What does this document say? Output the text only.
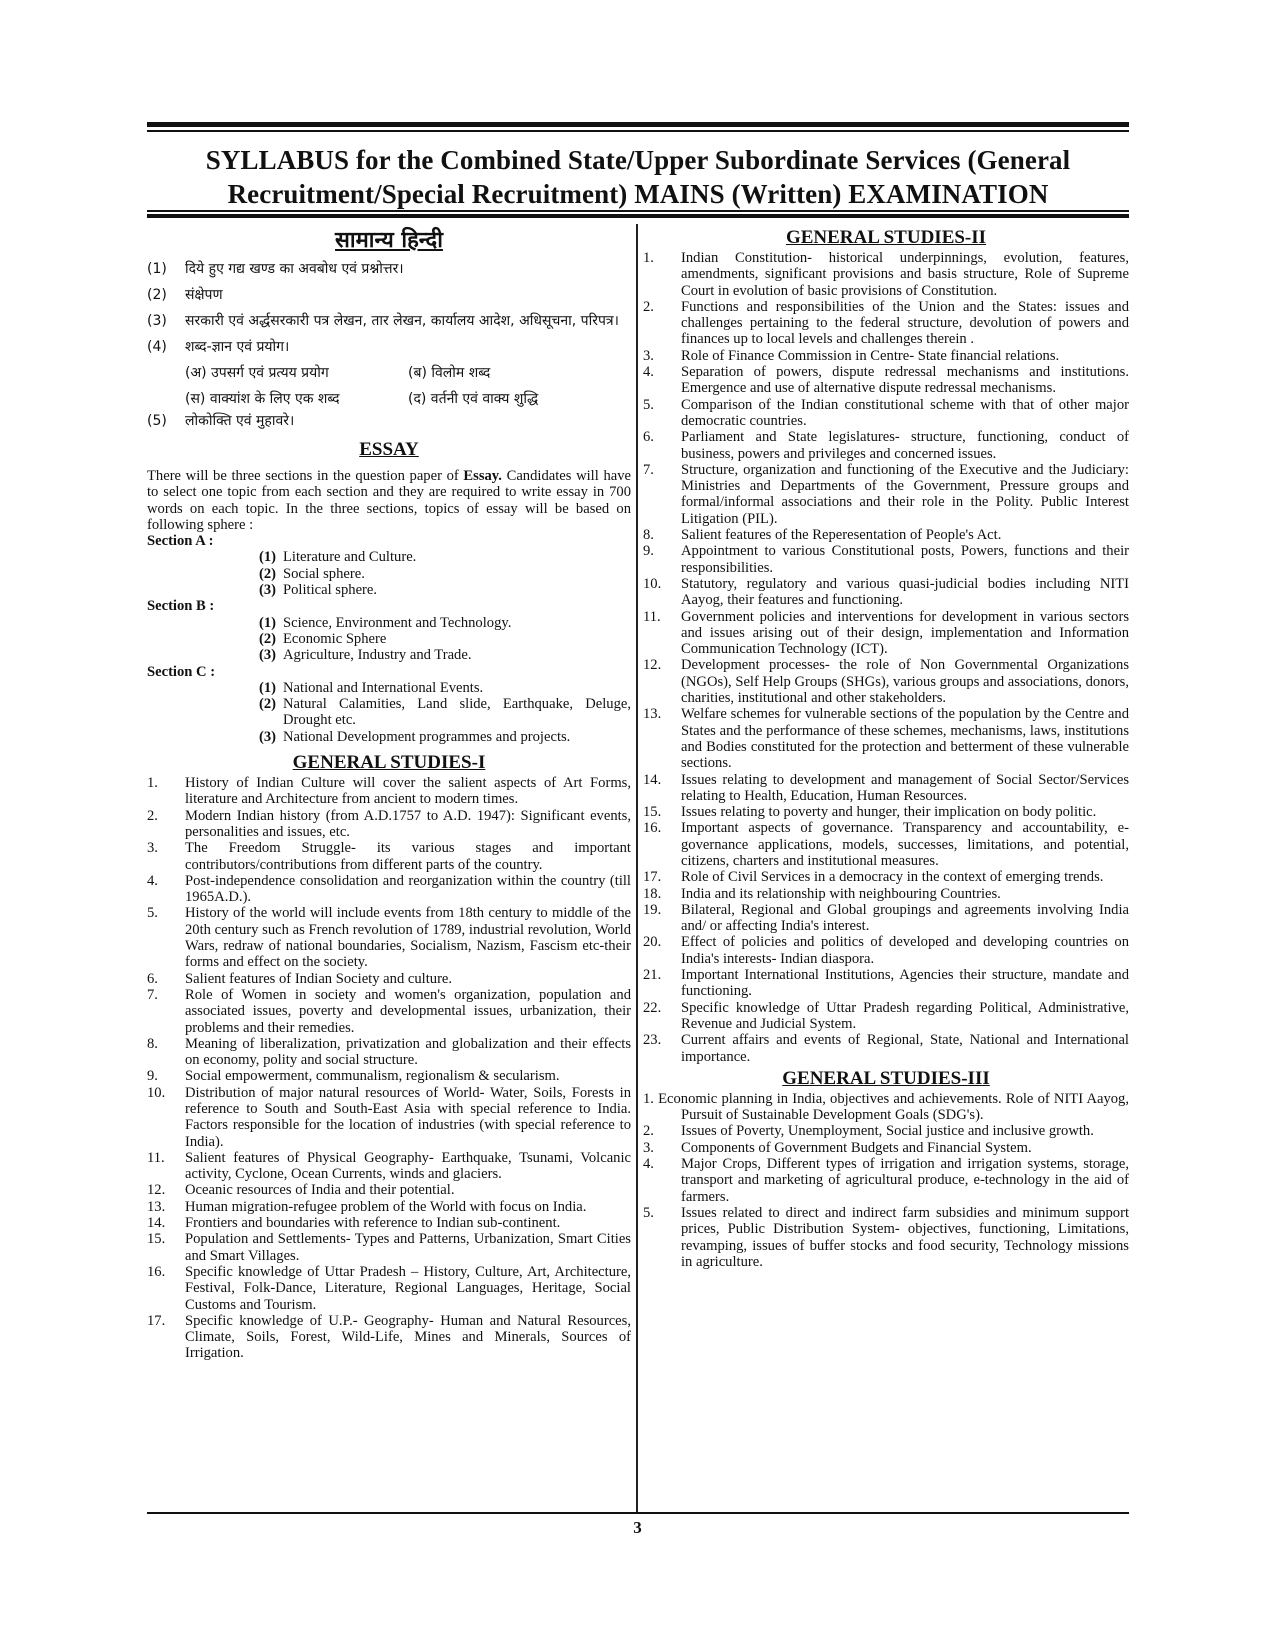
SYLLABUS for the Combined State/Upper Subordinate Services (General
Recruitment/Special Recruitment) MAINS (Written) EXAMINATION
सामान्य हिन्दी
(1)	दिये हुए गद्य खण्ड का अवबोध एवं प्रश्नोत्तर।
(2)	संक्षेपण
(3)	सरकारी एवं अर्द्धसरकारी पत्र लेखन, तार लेखन, कार्यालय आदेश, अधिसूचना, परिपत्र।
(4)	शब्द-ज्ञान एवं प्रयोग।
(अ) उपसर्ग एवं प्रत्यय प्रयोग	(ब) विलोम शब्द
(स) वाक्यांश के लिए एक शब्द	(द) वर्तनी एवं वाक्य शुद्धि
(5)	लोकोक्ति एवं मुहावरे।
ESSAY

There will be three sections in the question paper of Essay. Candidates will have to select one topic from each section and they are required to write essay in 700 words on each topic. In the three sections, topics of essay will be based on following sphere :

Section A :
(1) Literature and Culture.
(2) Social sphere.
(3) Political sphere.
Section B :
(1) Science, Environment and Technology.
(2) Economic Sphere
(3) Agriculture, Industry and Trade.
Section C :
(1) National and International Events.
(2) Natural Calamities, Land slide, Earthquake, Deluge, Drought etc.
(3) National Development programmes and projects.
GENERAL STUDIES-I
1.	History of Indian Culture will cover the salient aspects of Art Forms, literature and Architecture from ancient to modern times.
2.	Modern Indian history (from A.D.1757 to A.D. 1947): Significant events, personalities and issues, etc.
3.	The Freedom Struggle- its various stages and important contributors/contributions from different parts of the country.
4.	Post-independence consolidation and reorganization within the country (till 1965A.D.).
5.	History of the world will include events from 18th century to middle of the 20th century such as French revolution of 1789, industrial revolution, World Wars, redraw of national boundaries, Socialism, Nazism, Fascism etc-their forms and effect on the society.
6.	Salient features of Indian Society and culture.
7.	Role of Women in society and women's organization, population and associated issues, poverty and developmental issues, urbanization, their problems and their remedies.
8.	Meaning of liberalization, privatization and globalization and their effects on economy, polity and social structure.
9.	Social empowerment, communalism, regionalism & secularism.
10.	Distribution of major natural resources of World- Water, Soils, Forests in reference to South and South-East Asia with special reference to India. Factors responsible for the location of industries (with special reference to India).
11.	Salient features of Physical Geography- Earthquake, Tsunami, Volcanic activity, Cyclone, Ocean Currents, winds and glaciers.
12.	Oceanic resources of India and their potential.
13.	Human migration-refugee problem of the World with focus on India.
14.	Frontiers and boundaries with reference to Indian sub-continent.
15.	Population and Settlements- Types and Patterns, Urbanization, Smart Cities and Smart Villages.
16.	Specific knowledge of Uttar Pradesh – History, Culture, Art, Architecture, Festival, Folk-Dance, Literature, Regional Languages, Heritage, Social Customs and Tourism.
17.	Specific knowledge of U.P.- Geography- Human and Natural Resources, Climate, Soils, Forest, Wild-Life, Mines and Minerals, Sources of Irrigation.
GENERAL STUDIES-II
1.	Indian Constitution- historical underpinnings, evolution, features, amendments, significant provisions and basis structure, Role of Supreme Court in evolution of basic provisions of Constitution.
2.	Functions and responsibilities of the Union and the States: issues and challenges pertaining to the federal structure, devolution of powers and finances up to local levels and challenges therein .
3.	Role of Finance Commission in Centre- State financial relations.
4.	Separation of powers, dispute redressal mechanisms and institutions. Emergence and use of alternative dispute redressal mechanisms.
5.	Comparison of the Indian constitutional scheme with that of other major democratic countries.
6.	Parliament and State legislatures- structure, functioning, conduct of business, powers and privileges and concerned issues.
7.	Structure, organization and functioning of the Executive and the Judiciary: Ministries and Departments of the Government, Pressure groups and formal/informal associations and their role in the Polity. Public Interest Litigation (PIL).
8.	Salient features of the Reperesentation of People's Act.
9.	Appointment to various Constitutional posts, Powers, functions and their responsibilities.
10.	Statutory, regulatory and various quasi-judicial bodies including NITI Aayog, their features and functioning.
11.	Government policies and interventions for development in various sectors and issues arising out of their design, implementation and Information Communication Technology (ICT).
12.	Development processes- the role of Non Governmental Organizations (NGOs), Self Help Groups (SHGs), various groups and associations, donors, charities, institutional and other stakeholders.
13.	Welfare schemes for vulnerable sections of the population by the Centre and States and the performance of these schemes, mechanisms, laws, institutions and Bodies constituted for the protection and betterment of these vulnerable sections.
14.	Issues relating to development and management of Social Sector/Services relating to Health, Education, Human Resources.
15.	Issues relating to poverty and hunger, their implication on body politic.
16.	Important aspects of governance. Transparency and accountability, e-governance applications, models, successes, limitations, and potential, citizens, charters and institutional measures.
17.	Role of Civil Services in a democracy in the context of emerging trends.
18.	India and its relationship with neighbouring Countries.
19.	Bilateral, Regional and Global groupings and agreements involving India and/ or affecting India's interest.
20.	Effect of policies and politics of developed and developing countries on India's interests- Indian diaspora.
21.	Important International Institutions, Agencies their structure, mandate and functioning.
22.	Specific knowledge of Uttar Pradesh regarding Political, Administrative, Revenue and Judicial System.
23.	Current affairs and events of Regional, State, National and International importance.
GENERAL STUDIES-III

1. Economic planning in India, objectives and achievements. Role of NITI Aayog, Pursuit of Sustainable Development Goals (SDG's).

2.	Issues of Poverty, Unemployment, Social justice and inclusive growth.
3.	Components of Government Budgets and Financial System.
4.	Major Crops, Different types of irrigation and irrigation systems, storage, transport and marketing of agricultural produce, e-technology in the aid of farmers.
5.	Issues related to direct and indirect farm subsidies and minimum support prices, Public Distribution System- objectives, functioning, Limitations, revamping, issues of buffer stocks and food security, Technology missions in agriculture.
3
